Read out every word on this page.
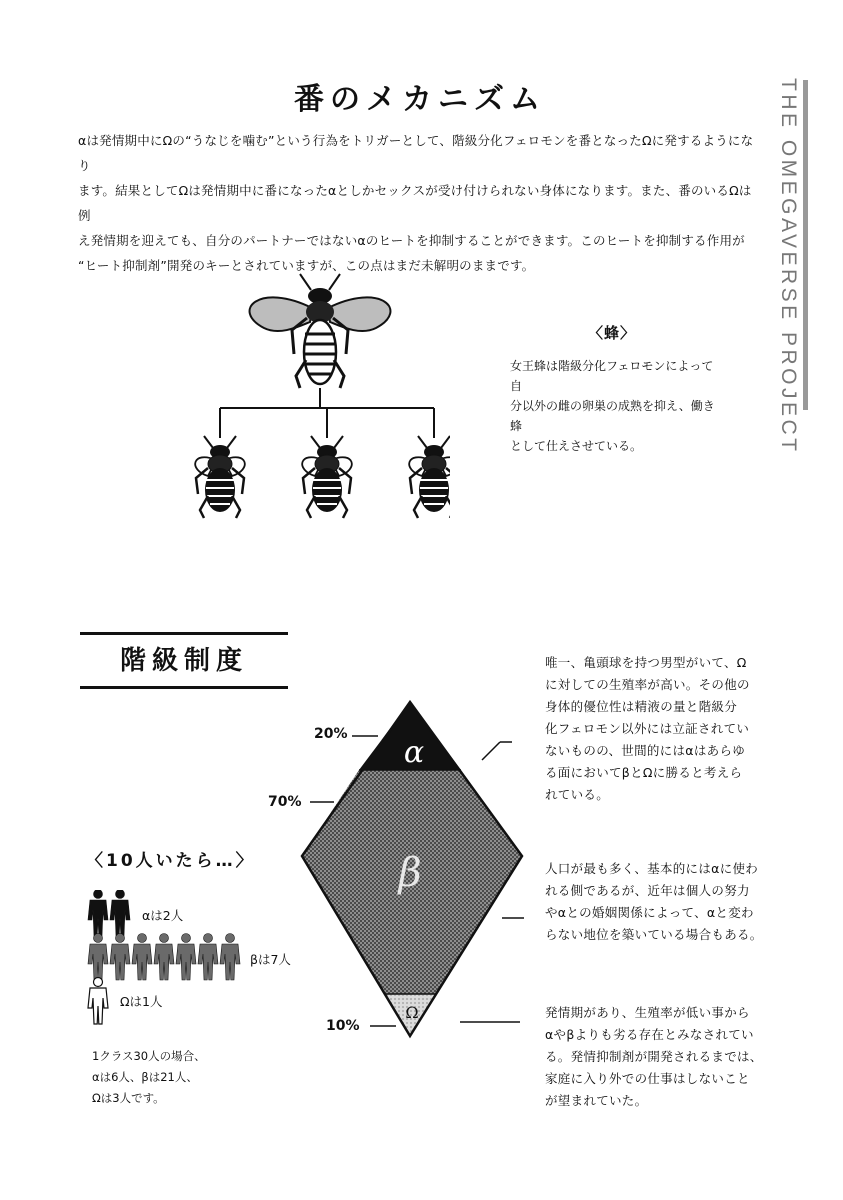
番のメカニズム

αは発情期中にΩの“うなじを噛む”という行為をトリガーとして、階級分化フェロモンを番となったΩに発するようになり

ます。結果としてΩは発情期中に番になったαとしかセックスが受け付けられない身体になります。また、番のいるΩは例

え発情期を迎えても、自分のパートナーではないαのヒートを抑制することができます。このヒートを抑制する作用が

“ヒート抑制剤”開発のキーとされていますが、この点はまだ未解明のままです。	THE OMEGAVERSE PROJECT
〈蜂〉

女王蜂は階級分化フェロモンによって自

分以外の雌の卵巣の成熟を抑え、働き蜂

として仕えさせている。

階級制度
α
β
Ω
20%
70%
10%

唯一、亀頭球を持つ男型がいて、Ω

に対しての生殖率が高い。その他の

身体的優位性は精液の量と階級分

化フェロモン以外には立証されてい

ないものの、世間的にはαはあらゆ

る面においてβとΩに勝ると考えら

れている。

人口が最も多く、基本的にはαに使わ

れる側であるが、近年は個人の努力

やαとの婚姻関係によって、αと変わ

らない地位を築いている場合もある。

発情期があり、生殖率が低い事から

αやβよりも劣る存在とみなされてい

る。発情抑制剤が開発されるまでは、

家庭に入り外での仕事はしないこと

が望まれていた。

〈10人いたら…〉
αは2人
βは7人
Ωは1人

1クラス30人の場合、

αは6人、βは21人、

Ωは3人です。
